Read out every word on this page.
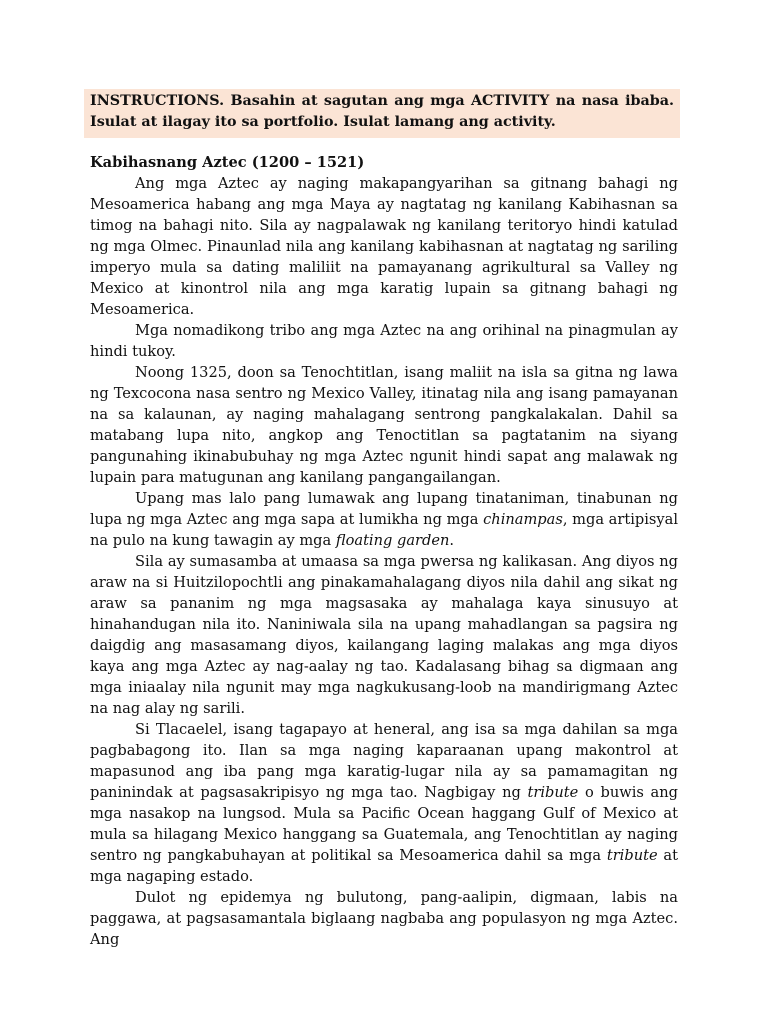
INSTRUCTIONS. Basahin at sagutan ang mga ACTIVITY na nasa ibaba. Isulat at ilagay ito sa portfolio. Isulat lamang ang activity.

Kabihasnang Aztec (1200 – 1521)

Ang mga Aztec ay naging makapangyarihan sa gitnang bahagi ng Mesoamerica habang ang mga Maya ay nagtatag ng kanilang Kabihasnan sa timog na bahagi nito. Sila ay nagpalawak ng kanilang teritoryo hindi katulad ng mga Olmec. Pinaunlad nila ang kanilang kabihasnan at nagtatag ng sariling imperyo mula sa dating maliliit na pamayanang agrikultural sa Valley ng Mexico at kinontrol nila ang mga karatig lupain sa gitnang bahagi ng Mesoamerica.

Mga nomadikong tribo ang mga Aztec na ang orihinal na pinagmulan ay hindi tukoy.

Noong 1325, doon sa Tenochtitlan, isang maliit na isla sa gitna ng lawa ng Texcocona nasa sentro ng Mexico Valley, itinatag nila ang isang pamayanan na sa kalaunan, ay naging mahalagang sentrong pangkalakalan. Dahil sa matabang lupa nito, angkop ang Tenoctitlan sa pagtatanim na siyang pangunahing ikinabubuhay ng mga Aztec ngunit hindi sapat ang malawak ng lupain para matugunan ang kanilang pangangailangan.

Upang mas lalo pang lumawak ang lupang tinataniman, tinabunan ng lupa ng mga Aztec ang mga sapa at lumikha ng mga chinampas, mga artipisyal na pulo na kung tawagin ay mga floating garden.

Sila ay sumasamba at umaasa sa mga pwersa ng kalikasan. Ang diyos ng araw na si Huitzilopochtli ang pinakamahalagang diyos nila dahil ang sikat ng araw sa pananim ng mga magsasaka ay mahalaga kaya sinusuyo at hinahandugan nila ito. Naniniwala sila na upang mahadlangan sa pagsira ng daigdig ang masasamang diyos, kailangang laging malakas ang mga diyos kaya ang mga Aztec ay nag-aalay ng tao. Kadalasang bihag sa digmaan ang mga iniaalay nila ngunit may mga nagkukusang-loob na mandirigmang Aztec na nag alay ng sarili.

Si Tlacaelel, isang tagapayo at heneral, ang isa sa mga dahilan sa mga pagbabagong ito. Ilan sa mga naging kaparaanan upang makontrol at mapasunod ang iba pang mga karatig-lugar nila ay sa pamamagitan ng paninindak at pagsasakripisyo ng mga tao. Nagbigay ng tribute o buwis ang mga nasakop na lungsod. Mula sa Pacific Ocean haggang Gulf of Mexico at mula sa hilagang Mexico hanggang sa Guatemala, ang Tenochtitlan ay naging sentro ng pangkabuhayan at politikal sa Mesoamerica dahil sa mga tribute at mga nagaping estado.

Dulot ng epidemya ng bulutong, pang-aalipin, digmaan, labis na paggawa, at pagsasamantala biglaang nagbaba ang populasyon ng mga Aztec. Ang
